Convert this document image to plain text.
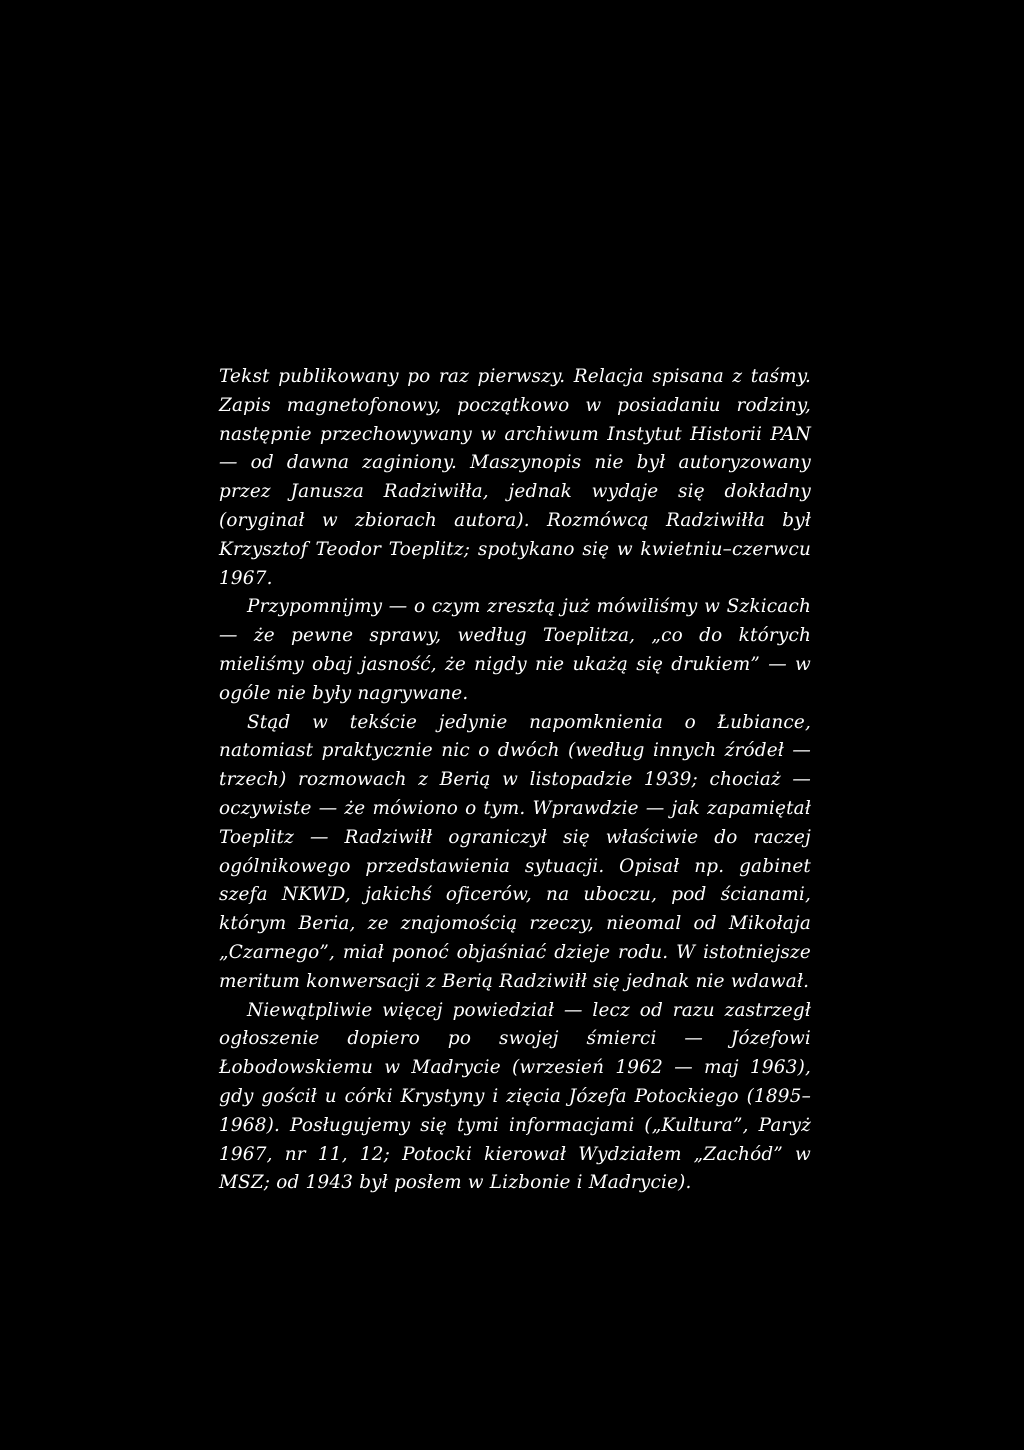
Tekst publikowany po raz pierwszy. Relacja spisana z taśmy. Zapis magnetofonowy, początkowo w posiadaniu rodziny, następnie przechowywany w archiwum Instytut Historii PAN — od dawna zaginiony. Maszynopis nie był autoryzowany przez Janusza Radziwiłła, jednak wydaje się dokładny (oryginał w zbiorach autora). Rozmówcą Radziwiłła był Krzysztof Teodor Toeplitz; spotykano się w kwietniu–czerwcu 1967.

Przypomnijmy — o czym zresztą już mówiliśmy w Szkicach — że pewne sprawy, według Toeplitza, „co do których mieliśmy obaj jasność, że nigdy nie ukażą się drukiem” — w ogóle nie były nagrywane.

Stąd w tekście jedynie napomknienia o Łubiance, natomiast praktycznie nic o dwóch (według innych źródeł — trzech) rozmowach z Berią w listopadzie 1939; chociaż — oczywiste — że mówiono o tym. Wprawdzie — jak zapamiętał Toeplitz — Radziwiłł ograniczył się właściwie do raczej ogólnikowego przedstawienia sytuacji. Opisał np. gabinet szefa NKWD, jakichś oficerów, na uboczu, pod ścianami, którym Beria, ze znajomością rzeczy, nieomal od Mikołaja „Czarnego”, miał ponoć objaśniać dzieje rodu. W istotniejsze meritum konwersacji z Berią Radziwiłł się jednak nie wdawał.

Niewątpliwie więcej powiedział — lecz od razu zastrzegł ogłoszenie dopiero po swojej śmierci — Józefowi Łobodowskiemu w Madrycie (wrzesień 1962 — maj 1963), gdy gościł u córki Krystyny i zięcia Józefa Potockiego (1895–1968). Posługujemy się tymi informacjami („Kultura”, Paryż 1967, nr 11, 12; Potocki kierował Wydziałem „Zachód” w MSZ; od 1943 był posłem w Lizbonie i Madrycie).
